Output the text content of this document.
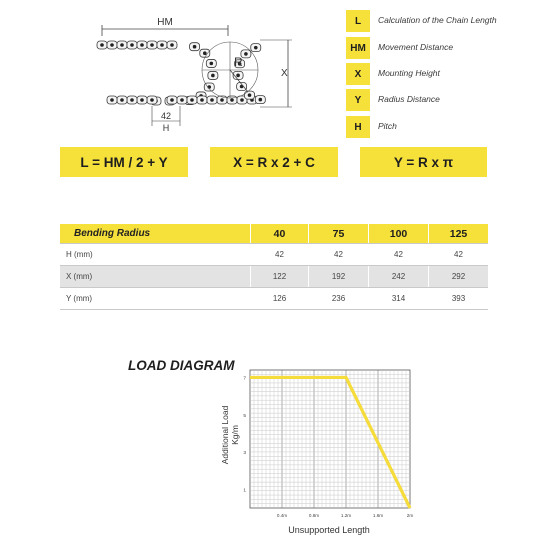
HM
R
X
42
H
L	Calculation of the Chain Length
HM	Movement Distance
X	Mounting Height
Y	Radius Distance
H	Pitch
L = HM / 2 + Y	X = R x 2 + C	Y = R x π
Bending Radius	40	75	100	125
H (mm)	42	42	42	42
X (mm)	122	192	242	292
Y (mm)	126	236	314	393
LOAD DIAGRAM
0.4m	0.8m	1.2m	1.6m	2m
1
3
5
7
Unsupported Length
Additional LoadKg/m
